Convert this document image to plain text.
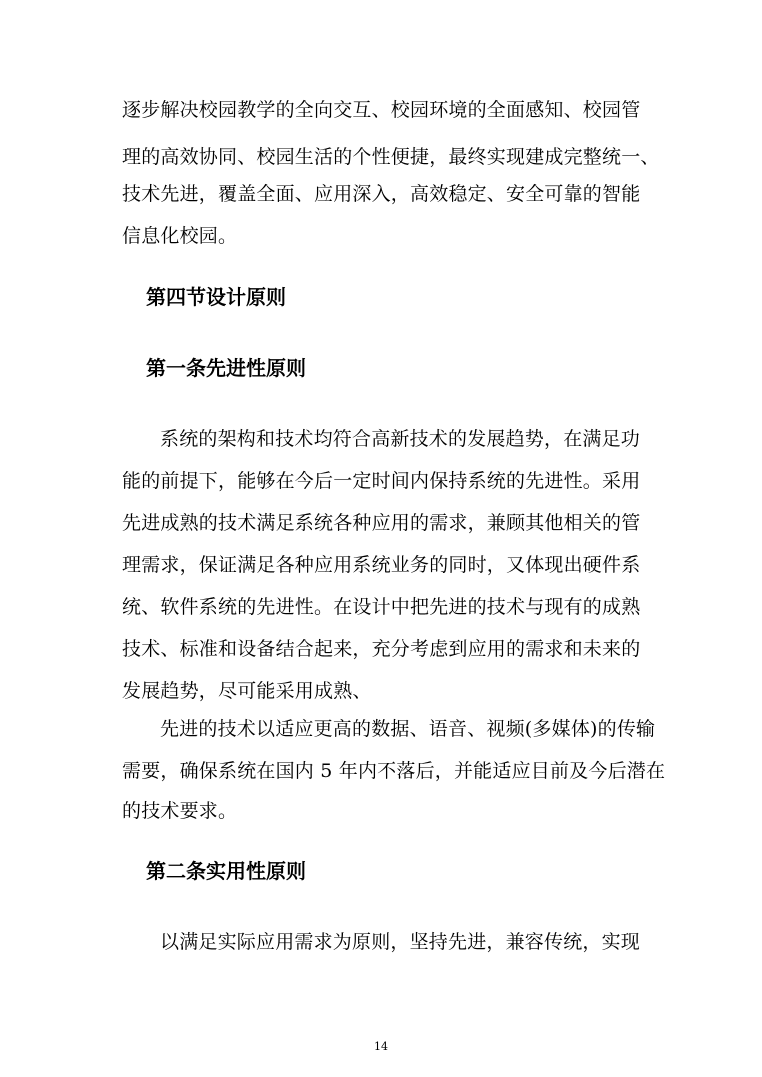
逐步解决校园教学的全向交互、校园环境的全面感知、校园管
理的高效协同、校园生活的个性便捷，最终实现建成完整统一、
技术先进，覆盖全面、应用深入，高效稳定、安全可靠的智能
信息化校园。
第四节设计原则
第一条先进性原则
系统的架构和技术均符合高新技术的发展趋势，在满足功
能的前提下，能够在今后一定时间内保持系统的先进性。采用
先进成熟的技术满足系统各种应用的需求，兼顾其他相关的管
理需求，保证满足各种应用系统业务的同时，又体现出硬件系
统、软件系统的先进性。在设计中把先进的技术与现有的成熟
技术、标准和设备结合起来，充分考虑到应用的需求和未来的
发展趋势，尽可能采用成熟、
先进的技术以适应更高的数据、语音、视频(多媒体)的传输
需要，确保系统在国内 5 年内不落后，并能适应目前及今后潜在
的技术要求。
第二条实用性原则
以满足实际应用需求为原则，坚持先进，兼容传统，实现
14
